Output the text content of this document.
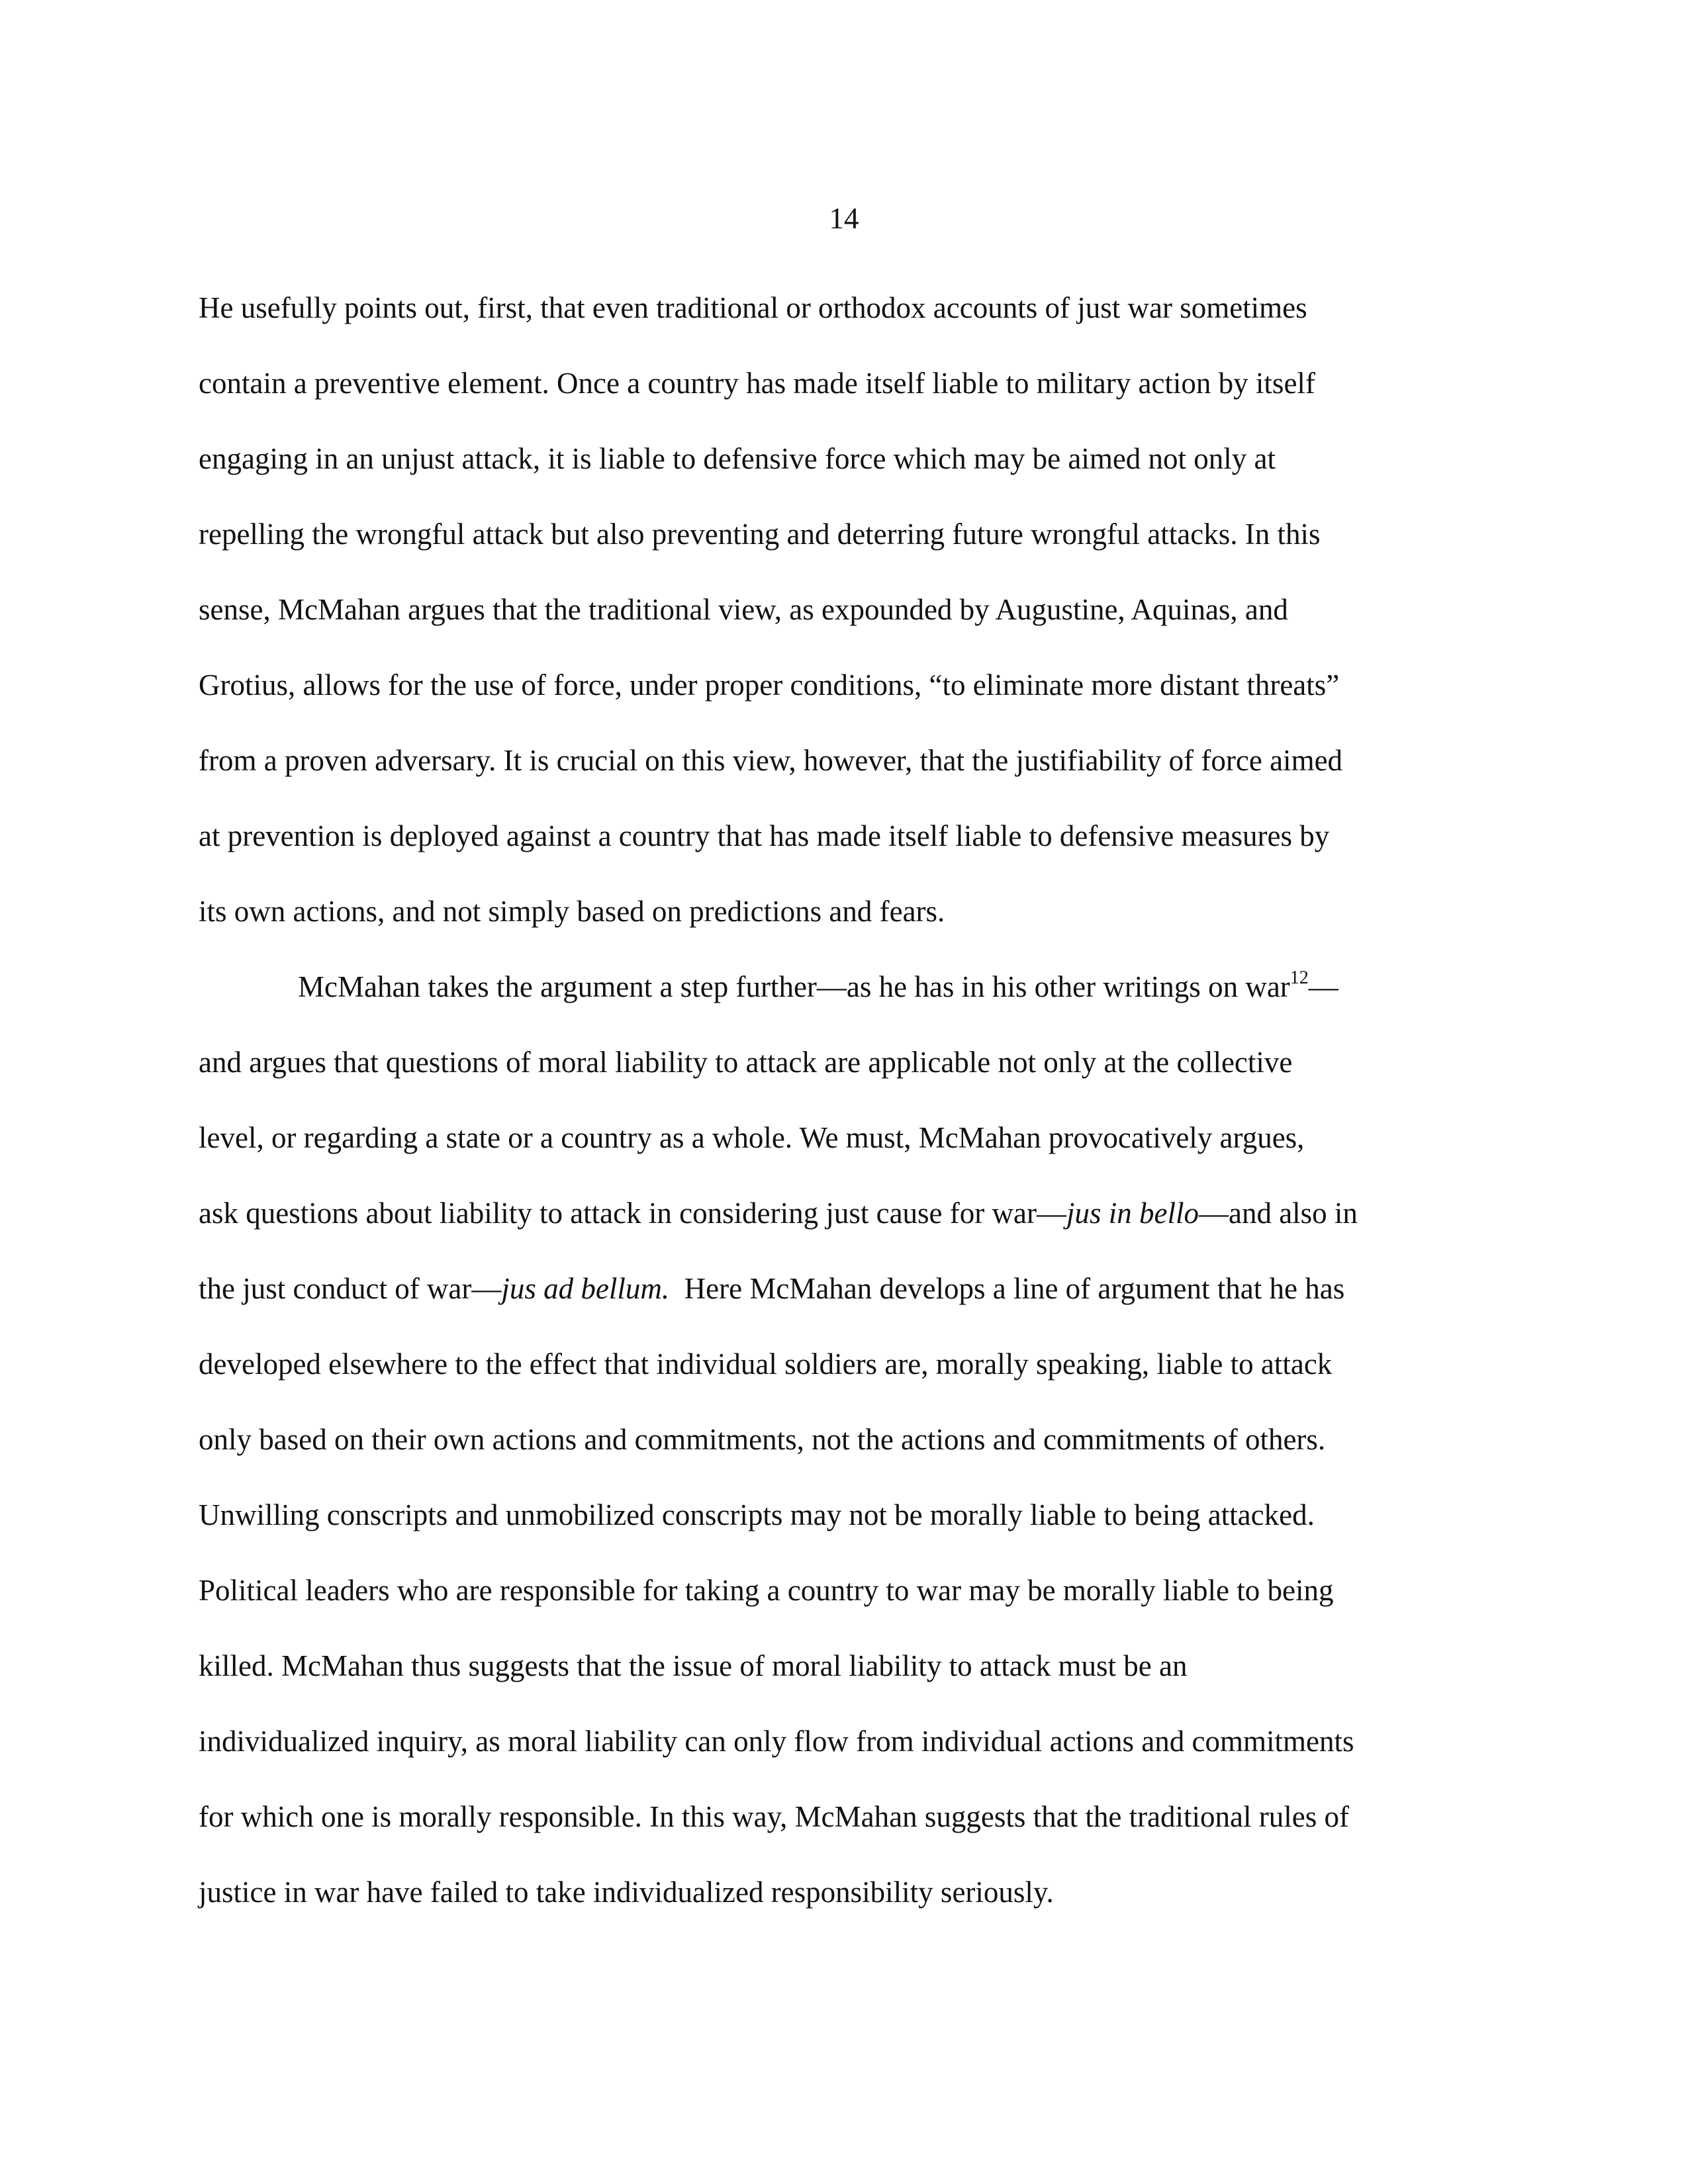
14

He usefully points out, first, that even traditional or orthodox accounts of just war sometimes
contain a preventive element. Once a country has made itself liable to military action by itself
engaging in an unjust attack, it is liable to defensive force which may be aimed not only at
repelling the wrongful attack but also preventing and deterring future wrongful attacks. In this
sense, McMahan argues that the traditional view, as expounded by Augustine, Aquinas, and
Grotius, allows for the use of force, under proper conditions, “to eliminate more distant threats”
from a proven adversary. It is crucial on this view, however, that the justifiability of force aimed
at prevention is deployed against a country that has made itself liable to defensive measures by
its own actions, and not simply based on predictions and fears.

McMahan takes the argument a step further—as he has in his other writings on war$^{12}$—
and argues that questions of moral liability to attack are applicable not only at the collective
level, or regarding a state or a country as a whole. We must, McMahan provocatively argues,
ask questions about liability to attack in considering just cause for war—jus in bello—and also in
the just conduct of war—jus ad bellum.  Here McMahan develops a line of argument that he has
developed elsewhere to the effect that individual soldiers are, morally speaking, liable to attack
only based on their own actions and commitments, not the actions and commitments of others.
Unwilling conscripts and unmobilized conscripts may not be morally liable to being attacked.
Political leaders who are responsible for taking a country to war may be morally liable to being
killed. McMahan thus suggests that the issue of moral liability to attack must be an
individualized inquiry, as moral liability can only flow from individual actions and commitments
for which one is morally responsible. In this way, McMahan suggests that the traditional rules of
justice in war have failed to take individualized responsibility seriously.
